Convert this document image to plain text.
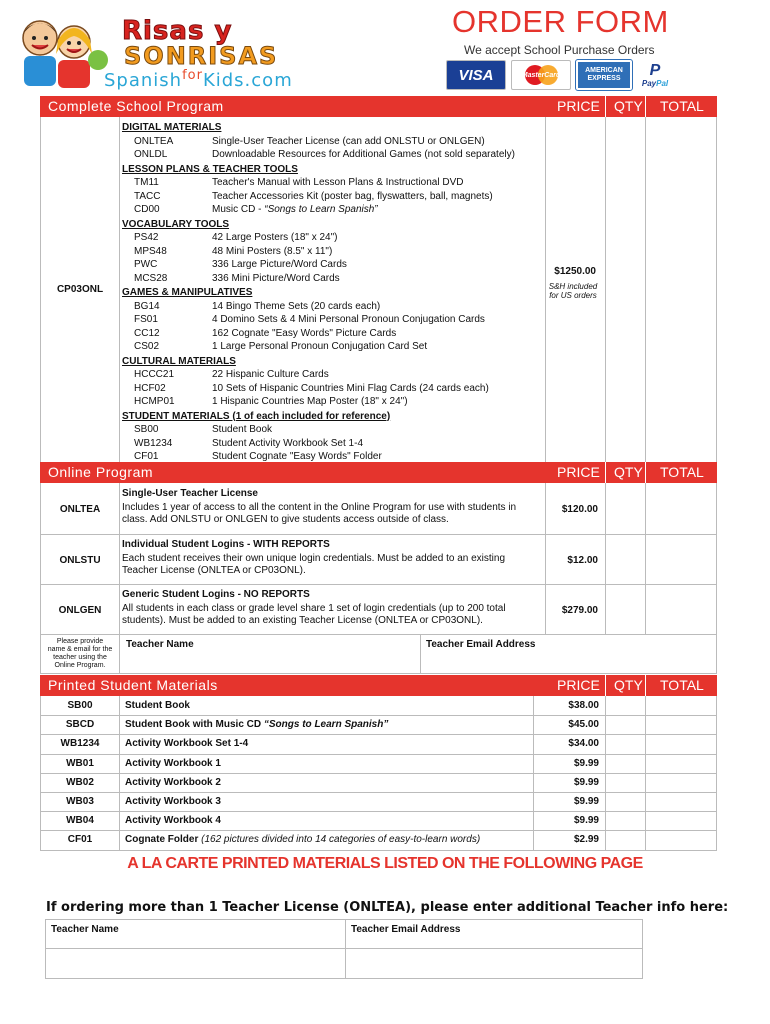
Risas y
SONRISAS
Spanish$^{for}$Kids.com
ORDER FORM
We accept School Purchase Orders
VISA	MasterCard
AMERICAN
EXPRESS P
PayPal
Complete School Program	PRICE QTY TOTAL
CP03ONL
DIGITAL MATERIALS
ONLTEA	Single-User Teacher License (can add ONLSTU or ONLGEN)
ONLDL	Downloadable Resources for Additional Games (not sold separately)
LESSON PLANS & TEACHER TOOLS
TM11	Teacher's Manual with Lesson Plans & Instructional DVD
TACC	Teacher Accessories Kit (poster bag, flyswatters, ball, magnets)
CD00	Music CD - “Songs to Learn Spanish”
VOCABULARY TOOLS
PS42	42 Large Posters (18" x 24")
MPS48	48 Mini Posters (8.5" x 11")
PWC	336 Large Picture/Word Cards
MCS28	336 Mini Picture/Word Cards
GAMES & MANIPULATIVES
BG14	14 Bingo Theme Sets (20 cards each)
FS01	4 Domino Sets & 4 Mini Personal Pronoun Conjugation Cards
CC12	162 Cognate "Easy Words" Picture Cards
CS02	1 Large Personal Pronoun Conjugation Card Set
CULTURAL MATERIALS
HCCC21	22 Hispanic Culture Cards
HCF02	10 Sets of Hispanic Countries Mini Flag Cards (24 cards each)
HCMP01	1 Hispanic Countries Map Poster (18" x 24")
STUDENT MATERIALS (1 of each included for reference)
SB00	Student Book
WB1234	Student Activity Workbook Set 1-4
CF01	Student Cognate "Easy Words" Folder
$1250.00
S&H included
for US orders
Online Program	PRICE QTY TOTAL
ONLTEA
Single-User Teacher License
Includes 1 year of access to all the content in the Online Program for use with students in
class. Add ONLSTU or ONLGEN to give students access outside of class.
$120.00
ONLSTU
Individual Student Logins - WITH REPORTS
Each student receives their own unique login credentials. Must be added to an existing
Teacher License (ONLTEA or CP03ONL).
$12.00
ONLGEN
Generic Student Logins - NO REPORTS
All students in each class or grade level share 1 set of login credentials (up to 200 total
students). Must be added to an existing Teacher License (ONLTEA or CP03ONL).
$279.00
Please provide
name & email for the
teacher using the
Online Program.
Teacher Name	Teacher Email Address
Printed Student Materials	PRICE QTY TOTAL
SB00	Student Book	$38.00
SBCD	Student Book with Music CD “Songs to Learn Spanish”	$45.00
WB1234	Activity Workbook Set 1-4	$34.00
WB01	Activity Workbook 1	$9.99
WB02	Activity Workbook 2	$9.99
WB03	Activity Workbook 3	$9.99
WB04	Activity Workbook 4	$9.99
CF01	Cognate Folder (162 pictures divided into 14 categories of easy-to-learn words)	$2.99
A LA CARTE PRINTED MATERIALS LISTED ON THE FOLLOWING PAGE
If ordering more than 1 Teacher License (ONLTEA), please enter additional Teacher info here:
Teacher Name	Teacher Email Address
